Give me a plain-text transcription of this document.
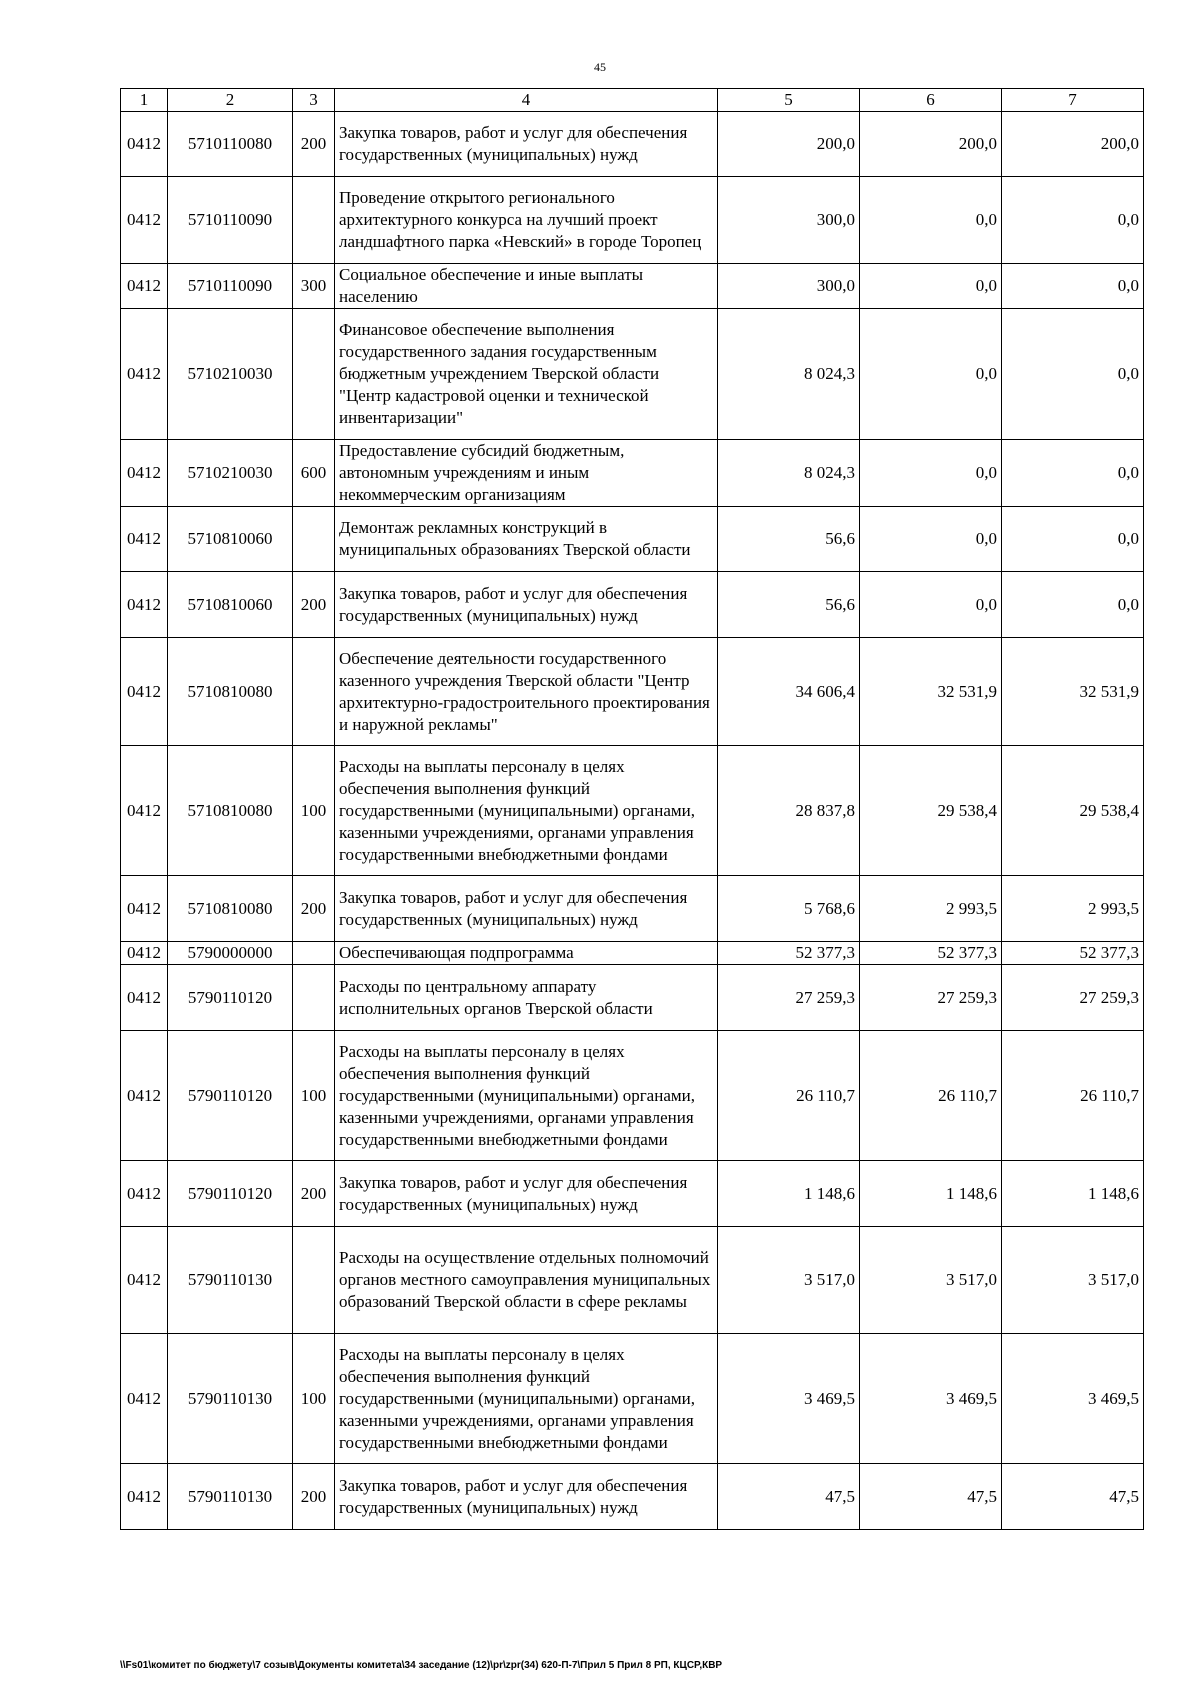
45
1	2	3	4	5	6	7
0412	5710110080	200	Закупка товаров, работ и услуг для обеспечения государственных (муниципальных) нужд	200,0	200,0	200,0
0412	5710110090		Проведение открытого регионального архитектурного конкурса на лучший проект ландшафтного парка «Невский» в городе Торопец	300,0	0,0	0,0
0412	5710110090	300	Социальное обеспечение и иные выплаты населению	300,0	0,0	0,0
0412	5710210030		Финансовое обеспечение выполнения государственного задания государственным бюджетным учреждением Тверской области "Центр кадастровой оценки и технической инвентаризации"	8 024,3	0,0	0,0
0412	5710210030	600	Предоставление субсидий бюджетным, автономным учреждениям и иным некоммерческим организациям	8 024,3	0,0	0,0
0412	5710810060		Демонтаж рекламных конструкций в муниципальных образованиях Тверской области	56,6	0,0	0,0
0412	5710810060	200	Закупка товаров, работ и услуг для обеспечения государственных (муниципальных) нужд	56,6	0,0	0,0
0412	5710810080		Обеспечение деятельности государственного казенного учреждения Тверской области "Центр архитектурно-градостроительного проектирования и наружной рекламы"	34 606,4	32 531,9	32 531,9
0412	5710810080	100	Расходы на выплаты персоналу в целях обеспечения выполнения функций государственными (муниципальными) органами, казенными учреждениями, органами управления государственными внебюджетными фондами	28 837,8	29 538,4	29 538,4
0412	5710810080	200	Закупка товаров, работ и услуг для обеспечения государственных (муниципальных) нужд	5 768,6	2 993,5	2 993,5
0412	5790000000		Обеспечивающая подпрограмма	52 377,3	52 377,3	52 377,3
0412	5790110120		Расходы по центральному аппарату исполнительных органов Тверской области	27 259,3	27 259,3	27 259,3
0412	5790110120	100	Расходы на выплаты персоналу в целях обеспечения выполнения функций государственными (муниципальными) органами, казенными учреждениями, органами управления государственными внебюджетными фондами	26 110,7	26 110,7	26 110,7
0412	5790110120	200	Закупка товаров, работ и услуг для обеспечения государственных (муниципальных) нужд	1 148,6	1 148,6	1 148,6
0412	5790110130		Расходы на осуществление отдельных полномочий органов местного самоуправления муниципальных образований Тверской области в сфере рекламы	3 517,0	3 517,0	3 517,0
0412	5790110130	100	Расходы на выплаты персоналу в целях обеспечения выполнения функций государственными (муниципальными) органами, казенными учреждениями, органами управления государственными внебюджетными фондами	3 469,5	3 469,5	3 469,5
0412	5790110130	200	Закупка товаров, работ и услуг для обеспечения государственных (муниципальных) нужд	47,5	47,5	47,5
\\Fs01\комитет по бюджету\7 созыв\Документы комитета\34 заседание (12)\pr\zpr(34) 620-П-7\Прил 5 Прил 8 РП, КЦСР,КВР
